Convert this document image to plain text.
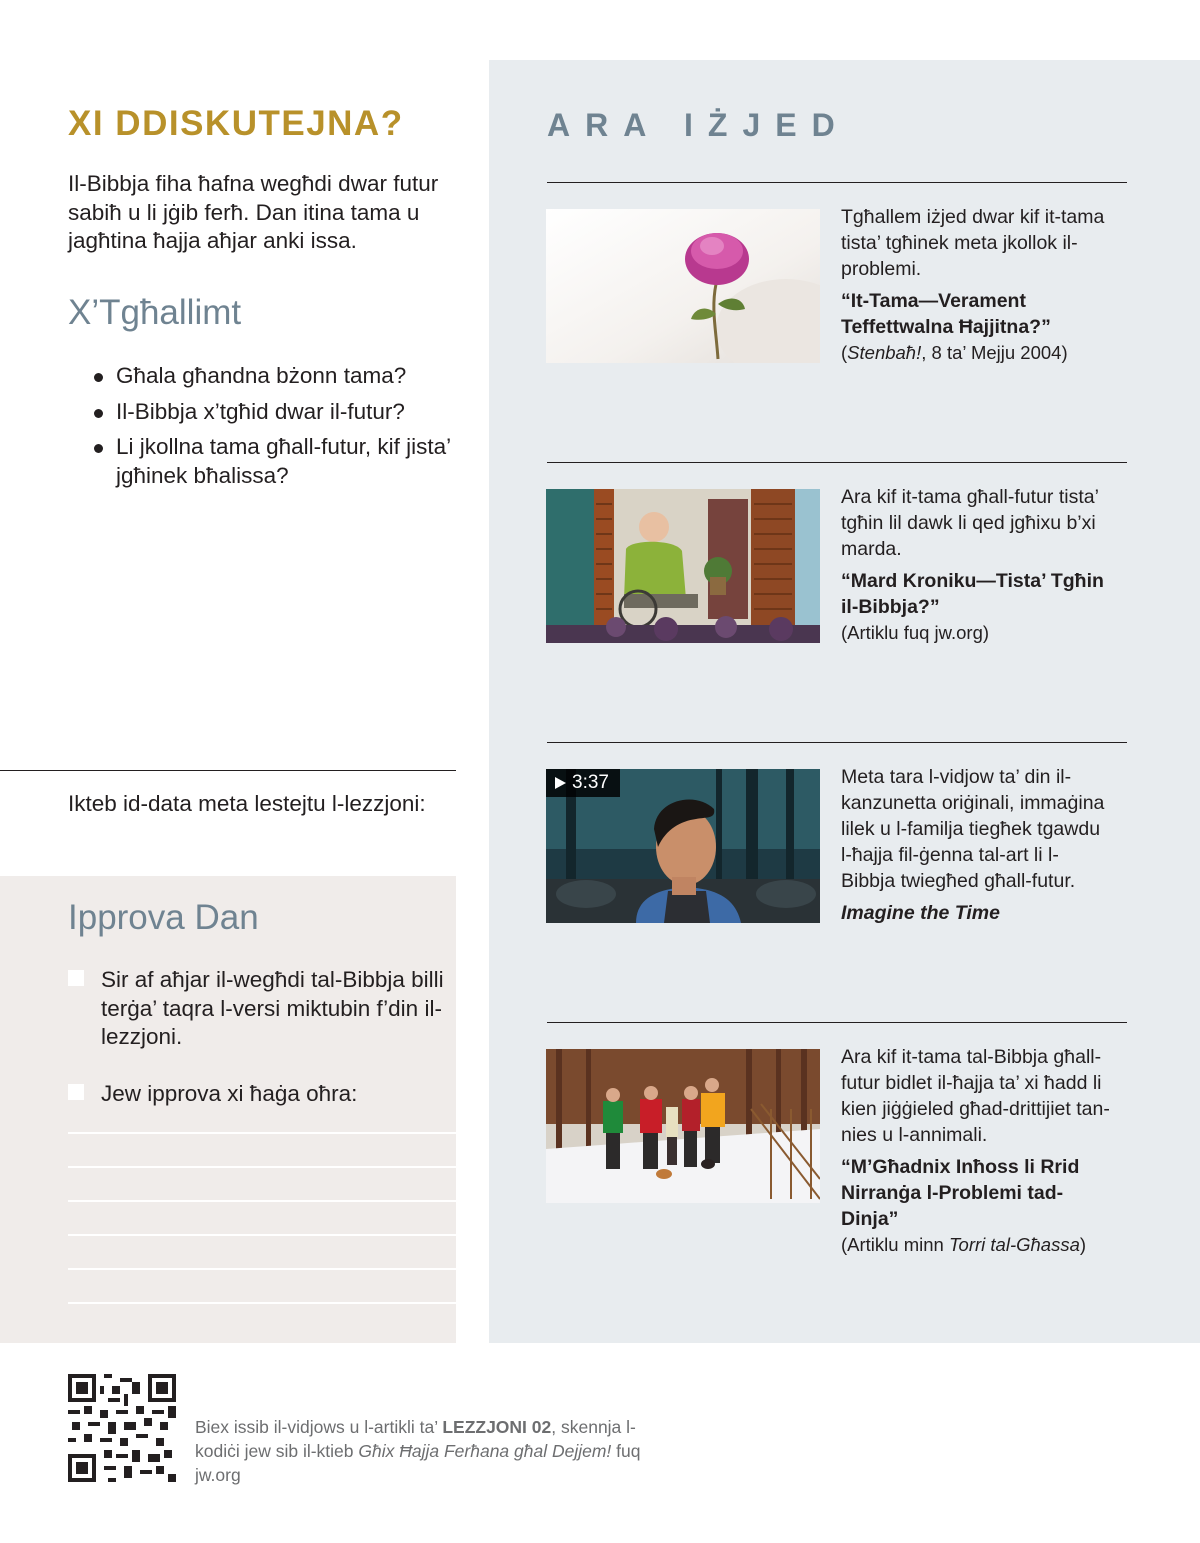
XI DDISKUTEJNA?

Il-Bibbja fiha ħafna wegħdi dwar futur sabiħ u li jġib ferħ. Dan itina tama u jagħtina ħajja aħjar anki issa.

X’Tgħallimt
Għala għandna bżonn tama?
Il-Bibbja x’tgħid dwar il-futur?
Li jkollna tama għall-futur, kif jista’ jgħinek bħalissa?

Ikteb id-data meta lestejtu l-lezzjoni:

Ipprova Dan
Sir af aħjar il-wegħdi tal-Bibbja billi terġa’ taqra l-versi miktubin f’din il-lezzjoni.
Jew ipprova xi ħaġa oħra:
ARA IŻJED
Tgħallem iżjed dwar kif it-tama tista’ tgħinek meta jkollok il-problemi.
“It-Tama—Verament Teffettwalna Ħajjitna?”
(Stenbaħ!, 8 ta’ Mejju 2004)
Ara kif it-tama għall-futur tista’ tgħin lil dawk li qed jgħixu b’xi marda.
“Mard Kroniku—Tista’ Tgħin il-Bibbja?”
(Artiklu fuq jw.org)
3:37	Meta tara l-vidjow ta’ din il-kanzunetta oriġinali, immaġina lilek u l-familja tiegħek tgawdu l-ħajja fil-ġenna tal-art li l-Bibbja twiegħed għall-futur.
Imagine the Time
Ara kif it-tama tal-Bibbja għall-futur bidlet il-ħajja ta’ xi ħadd li kien jiġġieled għad-drittijiet tan-nies u l-annimali.
“M’Għadnix Inħoss li Rrid Nirranġa l-Problemi tad-Dinja”
(Artiklu minn Torri tal-Għassa)

Biex issib il-vidjows u l-artikli ta’ LEZZJONI 02, skennja l-kodiċi jew sib il-ktieb Għix Ħajja Ferħana għal Dejjem! fuq jw.org
